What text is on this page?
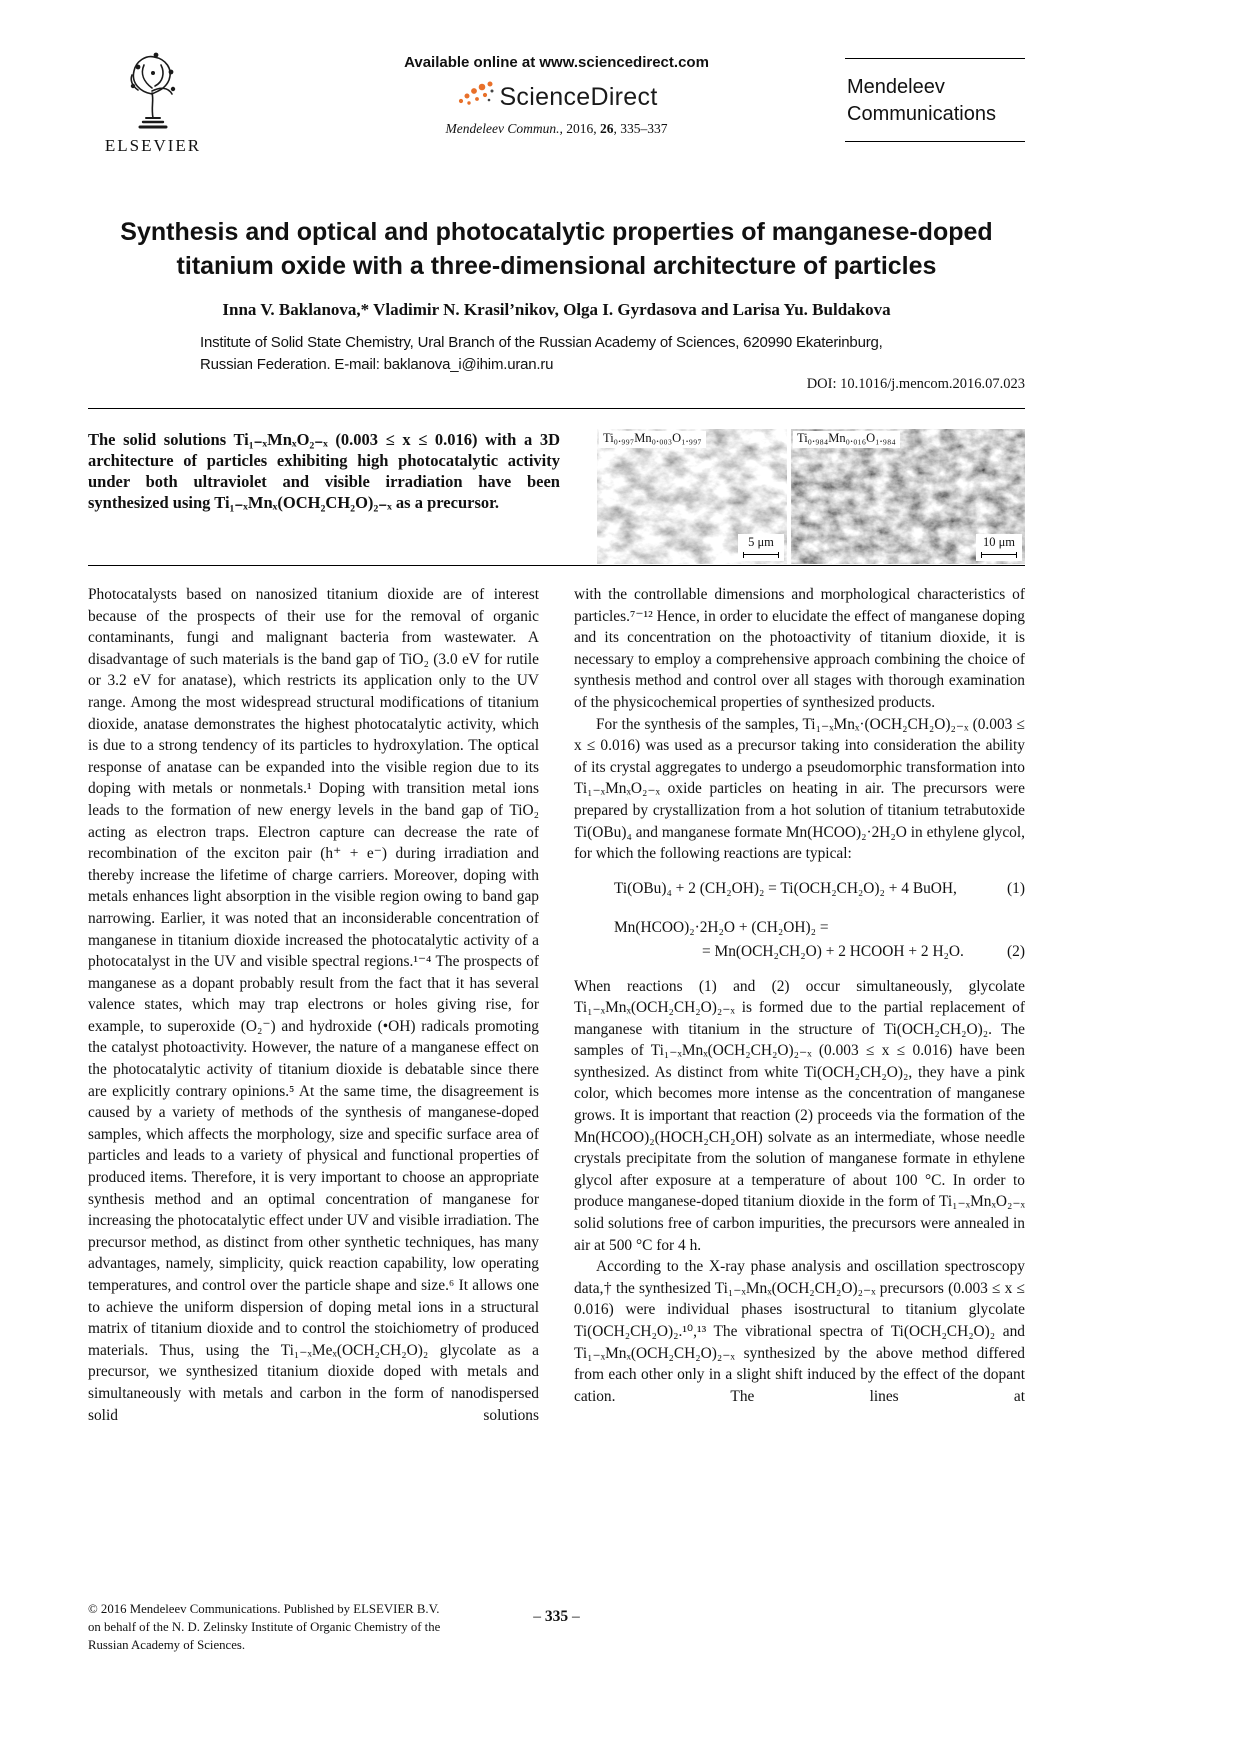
ELSEVIER
Available online at www.sciencedirect.com
ScienceDirect
Mendeleev Commun., 2016, 26, 335–337
Mendeleev
Communications
Synthesis and optical and photocatalytic properties of manganese-doped
titanium oxide with a three-dimensional architecture of particles
Inna V. Baklanova,* Vladimir N. Krasil’nikov, Olga I. Gyrdasova and Larisa Yu. Buldakova
Institute of Solid State Chemistry, Ural Branch of the Russian Academy of Sciences, 620990 Ekaterinburg,
Russian Federation. E-mail: baklanova_i@ihim.uran.ru
DOI: 10.1016/j.mencom.2016.07.023
The solid solutions Ti₁₋ₓMnₓO₂₋ₓ (0.003 ≤ x ≤ 0.016) with a 3D architecture of particles exhibiting high photocatalytic activity under both ultraviolet and visible irradiation have been synthesized using Ti₁₋ₓMnₓ(OCH₂CH₂O)₂₋ₓ as a precursor.
Ti₀.₉₉₇Mn₀.₀₀₃O₁.₉₉₇
5 μm
Ti₀.₉₈₄Mn₀.₀₁₆O₁.₉₈₄
10 μm

Photocatalysts based on nanosized titanium dioxide are of interest because of the prospects of their use for the removal of organic contaminants, fungi and malignant bacteria from wastewater. A disadvantage of such materials is the band gap of TiO₂ (3.0 eV for rutile or 3.2 eV for anatase), which restricts its application only to the UV range. Among the most widespread structural modifications of titanium dioxide, anatase demonstrates the highest photocatalytic activity, which is due to a strong tendency of its particles to hydroxylation. The optical response of anatase can be expanded into the visible region due to its doping with metals or nonmetals.¹ Doping with transition metal ions leads to the formation of new energy levels in the band gap of TiO₂ acting as electron traps. Electron capture can decrease the rate of recombination of the exciton pair (h⁺ + e⁻) during irradiation and thereby increase the lifetime of charge carriers. Moreover, doping with metals enhances light absorption in the visible region owing to band gap narrowing. Earlier, it was noted that an inconsiderable concentration of manganese in titanium dioxide increased the photocatalytic activity of a photocatalyst in the UV and visible spectral regions.¹⁻⁴ The prospects of manganese as a dopant probably result from the fact that it has several valence states, which may trap electrons or holes giving rise, for example, to superoxide (O₂⁻) and hydroxide (•OH) radicals promoting the catalyst photoactivity. However, the nature of a manganese effect on the photocatalytic activity of titanium dioxide is debatable since there are explicitly contrary opinions.⁵ At the same time, the disagreement is caused by a variety of methods of the synthesis of manganese-doped samples, which affects the morphology, size and specific surface area of particles and leads to a variety of physical and functional properties of produced items. Therefore, it is very important to choose an appropriate synthesis method and an optimal concentration of manganese for increasing the photocatalytic effect under UV and visible irradiation. The precursor method, as distinct from other synthetic techniques, has many advantages, namely, simplicity, quick reaction capability, low operating temperatures, and control over the particle shape and size.⁶ It allows one to achieve the uniform dispersion of doping metal ions in a structural matrix of titanium dioxide and to control the stoichiometry of produced materials. Thus, using the Ti₁₋ₓMeₓ(OCH₂CH₂O)₂ glycolate as a precursor, we synthesized titanium dioxide doped with metals and simultaneously with metals and carbon in the form of nanodispersed solid solutions

with the controllable dimensions and morphological characteristics of particles.⁷⁻¹² Hence, in order to elucidate the effect of manganese doping and its concentration on the photoactivity of titanium dioxide, it is necessary to employ a comprehensive approach combining the choice of synthesis method and control over all stages with thorough examination of the physicochemical properties of synthesized products.

For the synthesis of the samples, Ti₁₋ₓMnₓ·(OCH₂CH₂O)₂₋ₓ (0.003 ≤ x ≤ 0.016) was used as a precursor taking into consideration the ability of its crystal aggregates to undergo a pseudomorphic transformation into Ti₁₋ₓMnₓO₂₋ₓ oxide particles on heating in air. The precursors were prepared by crystallization from a hot solution of titanium tetrabutoxide Ti(OBu)₄ and manganese formate Mn(HCOO)₂·2H₂O in ethylene glycol, for which the following reactions are typical:

Ti(OBu)₄ + 2 (CH₂OH)₂ = Ti(OCH₂CH₂O)₂ + 4 BuOH,	(1)
Mn(HCOO)₂·2H₂O + (CH₂OH)₂ =
= Mn(OCH₂CH₂O) + 2 HCOOH + 2 H₂O.	(2)

When reactions (1) and (2) occur simultaneously, glycolate Ti₁₋ₓMnₓ(OCH₂CH₂O)₂₋ₓ is formed due to the partial replacement of manganese with titanium in the structure of Ti(OCH₂CH₂O)₂. The samples of Ti₁₋ₓMnₓ(OCH₂CH₂O)₂₋ₓ (0.003 ≤ x ≤ 0.016) have been synthesized. As distinct from white Ti(OCH₂CH₂O)₂, they have a pink color, which becomes more intense as the concentration of manganese grows. It is important that reaction (2) proceeds via the formation of the Mn(HCOO)₂(HOCH₂CH₂OH) solvate as an intermediate, whose needle crystals precipitate from the solution of manganese formate in ethylene glycol after exposure at a temperature of about 100 °C. In order to produce manganese-doped titanium dioxide in the form of Ti₁₋ₓMnₓO₂₋ₓ solid solutions free of carbon impurities, the precursors were annealed in air at 500 °C for 4 h.

According to the X-ray phase analysis and oscillation spectroscopy data,† the synthesized Ti₁₋ₓMnₓ(OCH₂CH₂O)₂₋ₓ precursors (0.003 ≤ x ≤ 0.016) were individual phases isostructural to titanium glycolate Ti(OCH₂CH₂O)₂.¹⁰,¹³ The vibrational spectra of Ti(OCH₂CH₂O)₂ and Ti₁₋ₓMnₓ(OCH₂CH₂O)₂₋ₓ synthesized by the above method differed from each other only in a slight shift induced by the effect of the dopant cation. The lines at

© 2016 Mendeleev Communications. Published by ELSEVIER B.V.
on behalf of the N. D. Zelinsky Institute of Organic Chemistry of the
Russian Academy of Sciences.
– 335 –
